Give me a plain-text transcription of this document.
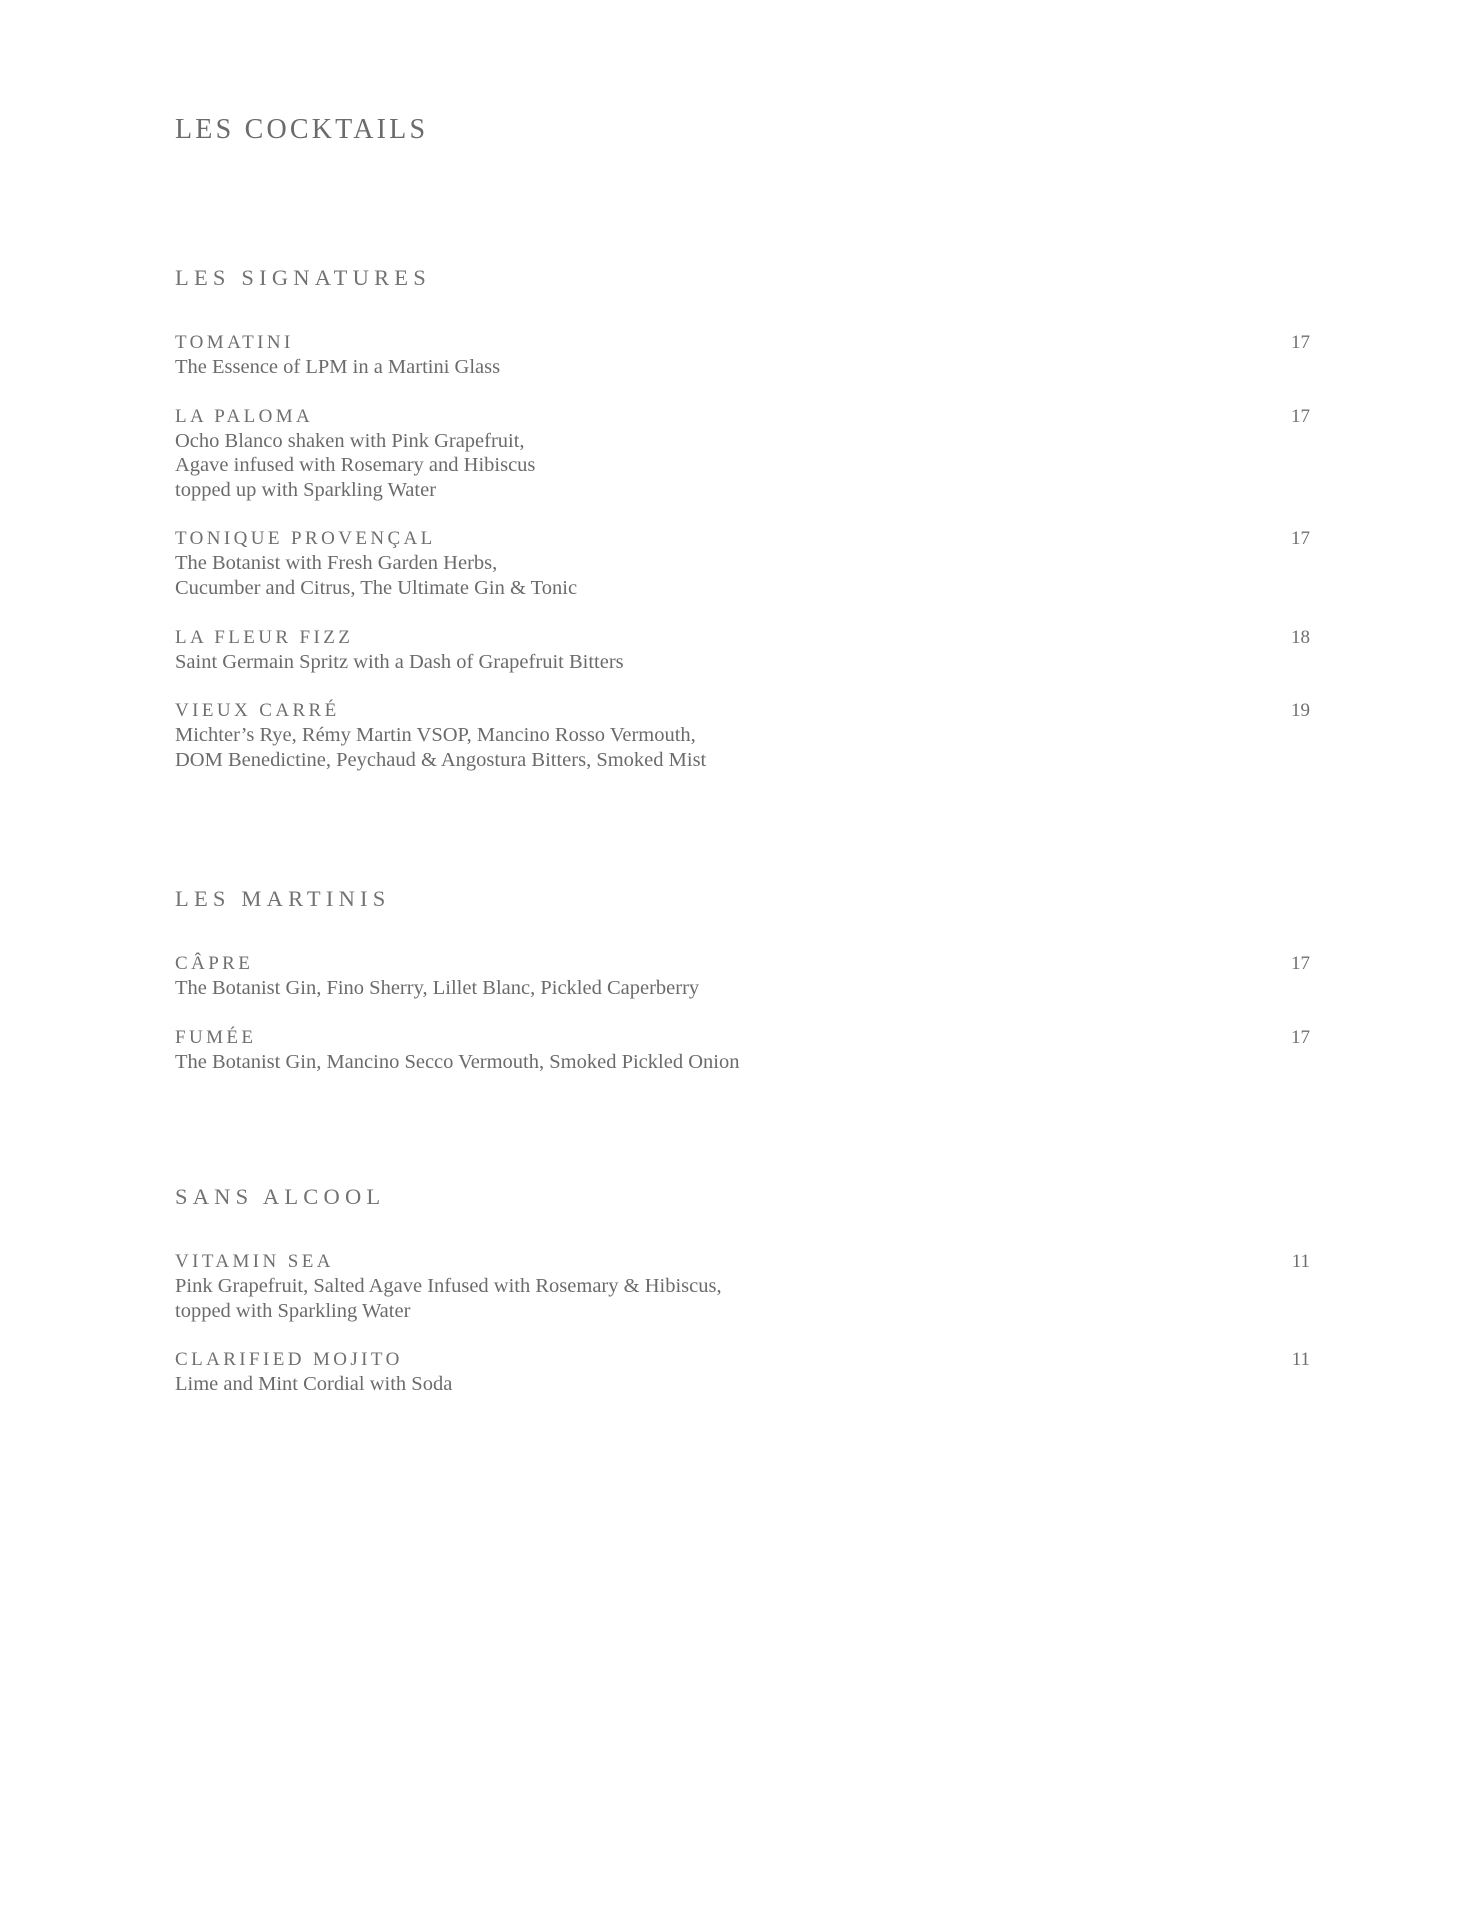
LES COCKTAILS
LES SIGNATURES
TOMATINI	17
The Essence of LPM in a Martini Glass
LA PALOMA	17
Ocho Blanco shaken with Pink Grapefruit,
Agave infused with Rosemary and Hibiscus
topped up with Sparkling Water
TONIQUE PROVENÇAL	17
The Botanist with Fresh Garden Herbs,
Cucumber and Citrus, The Ultimate Gin & Tonic
LA FLEUR FIZZ	18
Saint Germain Spritz with a Dash of Grapefruit Bitters
VIEUX CARRÉ	19
Michter’s Rye, Rémy Martin VSOP, Mancino Rosso Vermouth,
DOM Benedictine, Peychaud & Angostura Bitters, Smoked Mist
LES MARTINIS
CÂPRE	17
The Botanist Gin, Fino Sherry, Lillet Blanc, Pickled Caperberry
FUMÉE	17
The Botanist Gin, Mancino Secco Vermouth, Smoked Pickled Onion
SANS ALCOOL
VITAMIN SEA	11
Pink Grapefruit, Salted Agave Infused with Rosemary & Hibiscus,
topped with Sparkling Water
CLARIFIED MOJITO	11
Lime and Mint Cordial with Soda
